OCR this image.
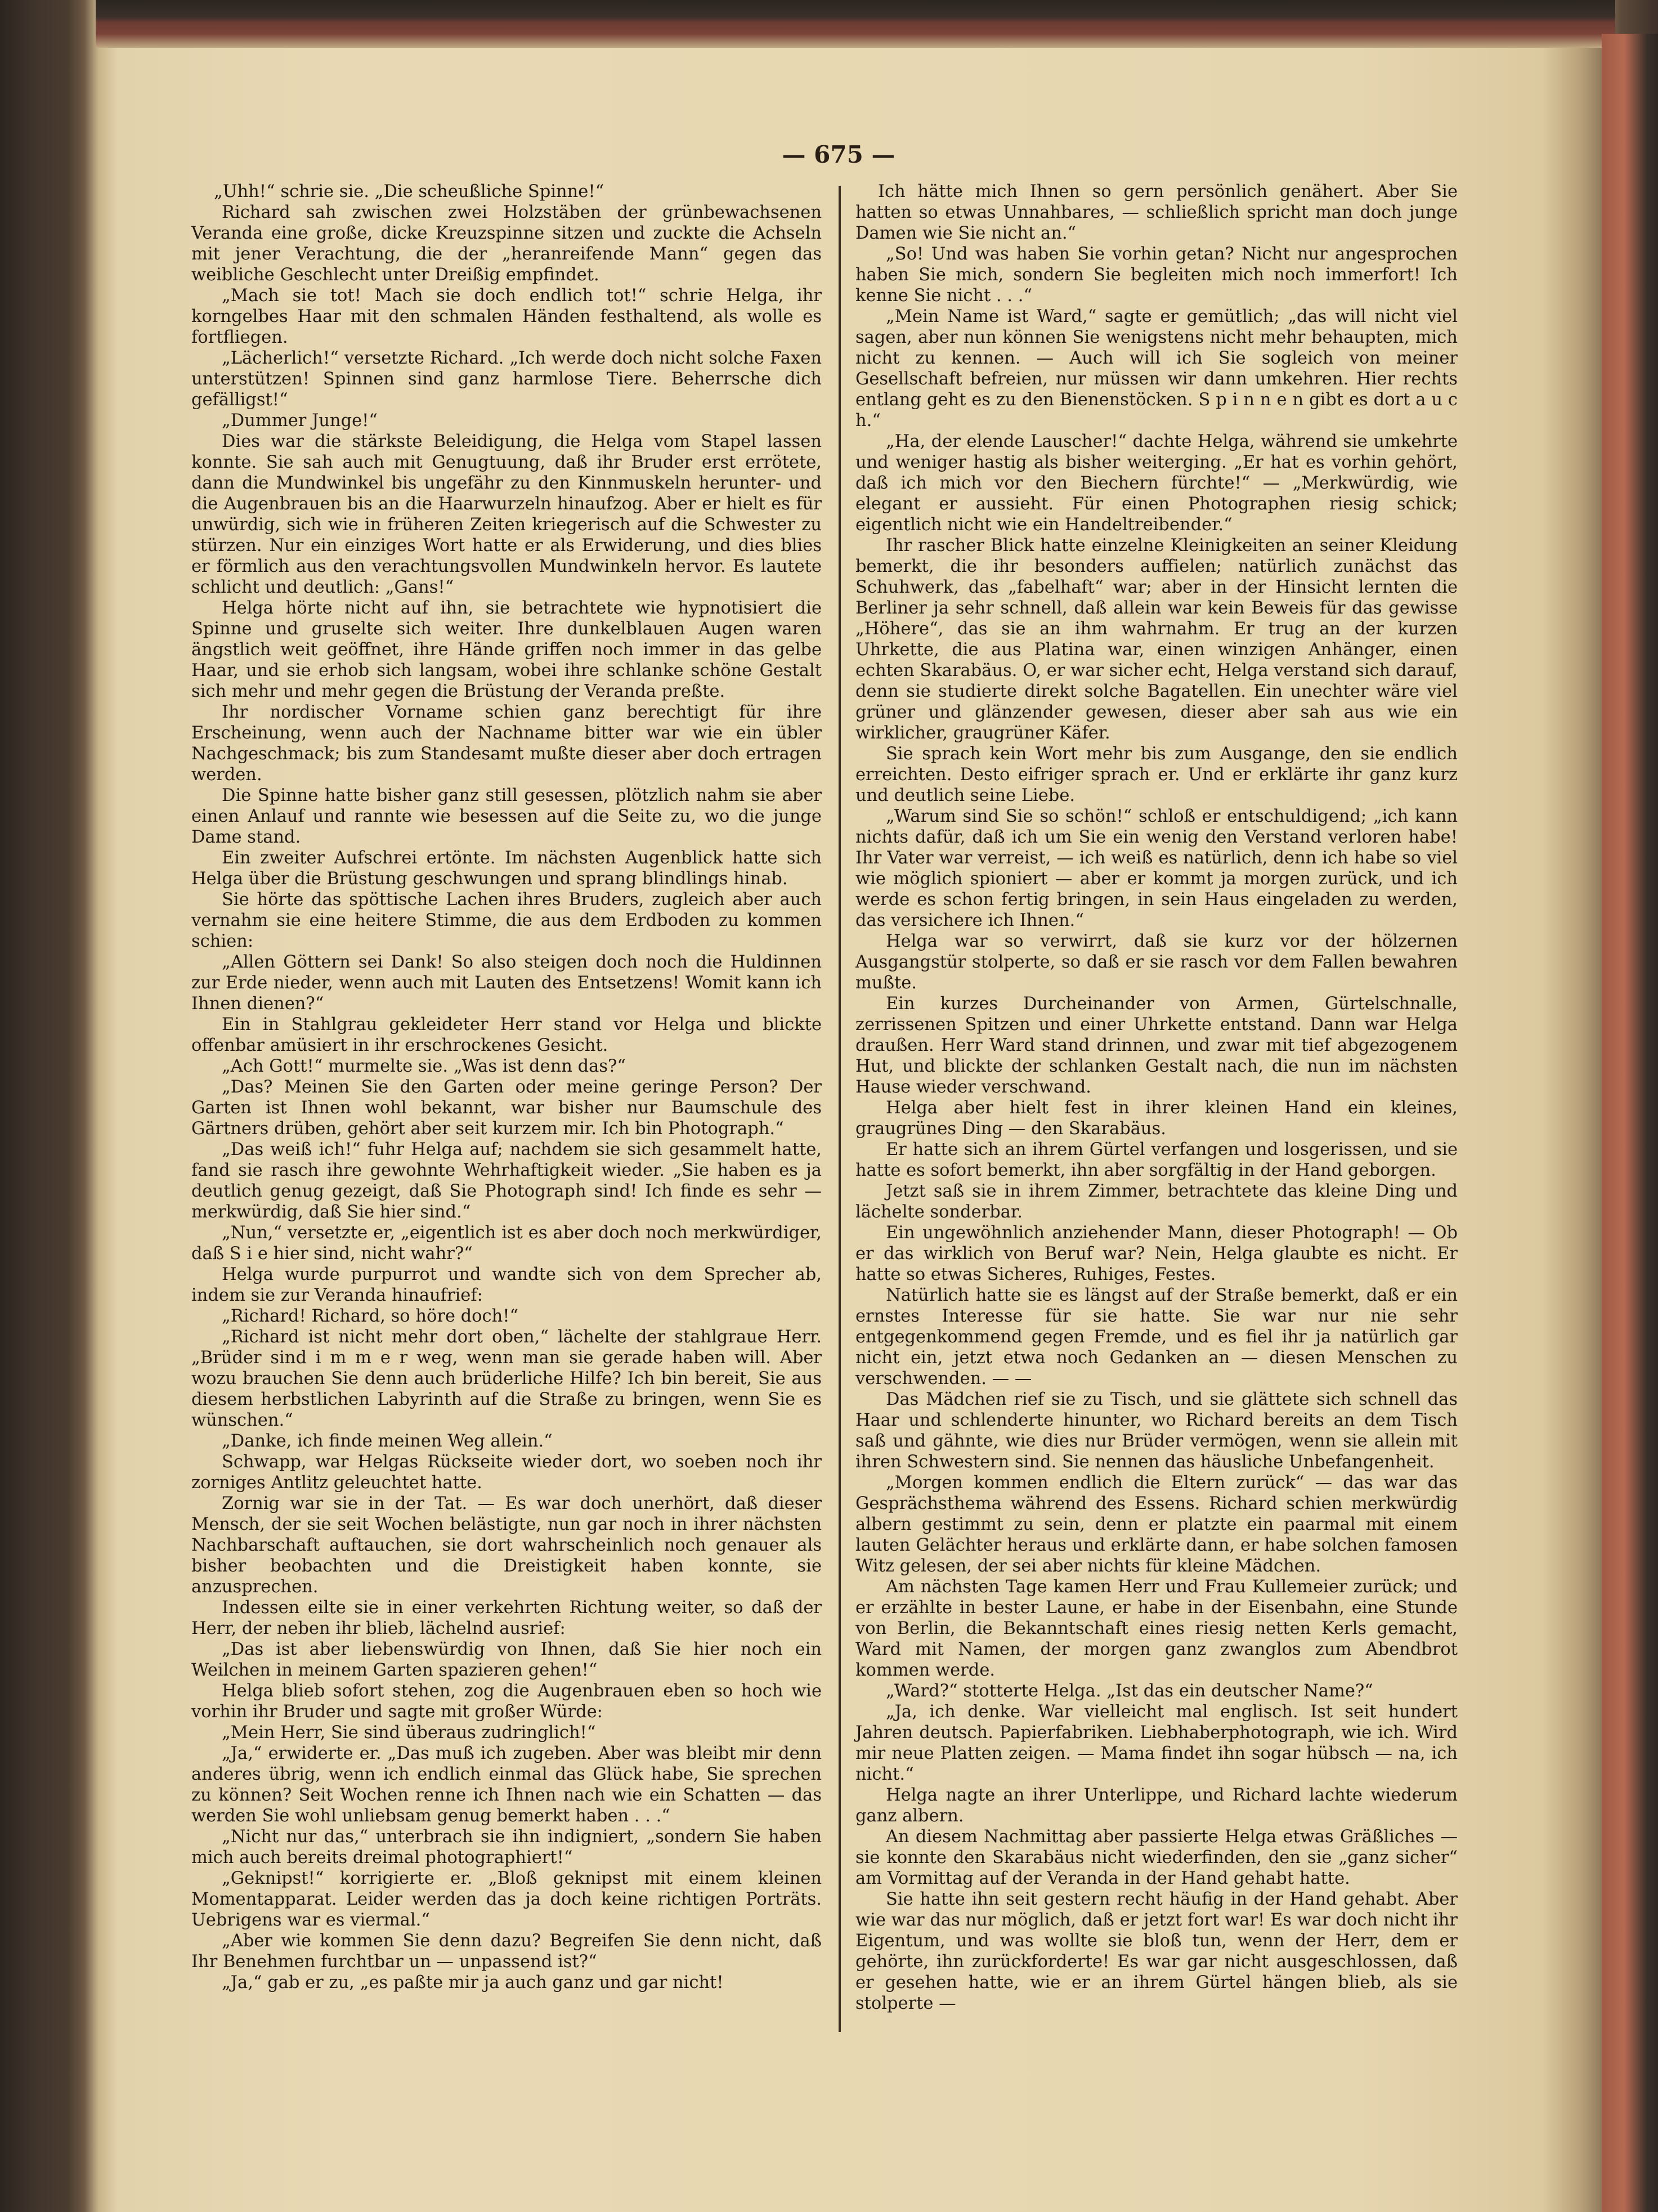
— 675 —

„Uhh!“ schrie sie. „Die scheußliche Spinne!“

Richard sah zwischen zwei Holzstäben der grünbewachsenen Veranda eine große, dicke Kreuzspinne sitzen und zuckte die Achseln mit jener Verachtung, die der „heranreifende Mann“ gegen das weibliche Geschlecht unter Dreißig empfindet.

„Mach sie tot! Mach sie doch endlich tot!“ schrie Helga, ihr korngelbes Haar mit den schmalen Händen festhaltend, als wolle es fortfliegen.

„Lächerlich!“ versetzte Richard. „Ich werde doch nicht solche Faxen unterstützen! Spinnen sind ganz harmlose Tiere. Beherrsche dich gefälligst!“

„Dummer Junge!“

Dies war die stärkste Beleidigung, die Helga vom Stapel lassen konnte. Sie sah auch mit Genugtuung, daß ihr Bruder erst errötete, dann die Mundwinkel bis ungefähr zu den Kinnmuskeln herunter- und die Augenbrauen bis an die Haarwurzeln hinaufzog. Aber er hielt es für unwürdig, sich wie in früheren Zeiten kriegerisch auf die Schwester zu stürzen. Nur ein einziges Wort hatte er als Erwiderung, und dies blies er förmlich aus den verachtungsvollen Mundwinkeln hervor. Es lautete schlicht und deutlich: „Gans!“

Helga hörte nicht auf ihn, sie betrachtete wie hypnotisiert die Spinne und gruselte sich weiter. Ihre dunkelblauen Augen waren ängstlich weit geöffnet, ihre Hände griffen noch immer in das gelbe Haar, und sie erhob sich langsam, wobei ihre schlanke schöne Gestalt sich mehr und mehr gegen die Brüstung der Veranda preßte.

Ihr nordischer Vorname schien ganz berechtigt für ihre Erscheinung, wenn auch der Nachname bitter war wie ein übler Nachgeschmack; bis zum Standesamt mußte dieser aber doch ertragen werden.

Die Spinne hatte bisher ganz still gesessen, plötzlich nahm sie aber einen Anlauf und rannte wie besessen auf die Seite zu, wo die junge Dame stand.

Ein zweiter Aufschrei ertönte. Im nächsten Augenblick hatte sich Helga über die Brüstung geschwungen und sprang blindlings hinab.

Sie hörte das spöttische Lachen ihres Bruders, zugleich aber auch vernahm sie eine heitere Stimme, die aus dem Erdboden zu kommen schien:

„Allen Göttern sei Dank! So also steigen doch noch die Huldinnen zur Erde nieder, wenn auch mit Lauten des Entsetzens! Womit kann ich Ihnen dienen?“

Ein in Stahlgrau gekleideter Herr stand vor Helga und blickte offenbar amüsiert in ihr erschrockenes Gesicht.

„Ach Gott!“ murmelte sie. „Was ist denn das?“

„Das? Meinen Sie den Garten oder meine geringe Person? Der Garten ist Ihnen wohl bekannt, war bisher nur Baumschule des Gärtners drüben, gehört aber seit kurzem mir. Ich bin Photograph.“

„Das weiß ich!“ fuhr Helga auf; nachdem sie sich gesammelt hatte, fand sie rasch ihre gewohnte Wehrhaftigkeit wieder. „Sie haben es ja deutlich genug gezeigt, daß Sie Photograph sind! Ich finde es sehr — merkwürdig, daß Sie hier sind.“

„Nun,“ versetzte er, „eigentlich ist es aber doch noch merkwürdiger, daß S i e hier sind, nicht wahr?“

Helga wurde purpurrot und wandte sich von dem Sprecher ab, indem sie zur Veranda hinaufrief:

„Richard! Richard, so höre doch!“

„Richard ist nicht mehr dort oben,“ lächelte der stahlgraue Herr. „Brüder sind i m m e r weg, wenn man sie gerade haben will. Aber wozu brauchen Sie denn auch brüderliche Hilfe? Ich bin bereit, Sie aus diesem herbstlichen Labyrinth auf die Straße zu bringen, wenn Sie es wünschen.“

„Danke, ich finde meinen Weg allein.“

Schwapp, war Helgas Rückseite wieder dort, wo soeben noch ihr zorniges Antlitz geleuchtet hatte.

Zornig war sie in der Tat. — Es war doch unerhört, daß dieser Mensch, der sie seit Wochen belästigte, nun gar noch in ihrer nächsten Nachbarschaft auftauchen, sie dort wahrscheinlich noch genauer als bisher beobachten und die Dreistigkeit haben konnte, sie anzusprechen.

Indessen eilte sie in einer verkehrten Richtung weiter, so daß der Herr, der neben ihr blieb, lächelnd ausrief:

„Das ist aber liebenswürdig von Ihnen, daß Sie hier noch ein Weilchen in meinem Garten spazieren gehen!“

Helga blieb sofort stehen, zog die Augenbrauen eben so hoch wie vorhin ihr Bruder und sagte mit großer Würde:

„Mein Herr, Sie sind überaus zudringlich!“

„Ja,“ erwiderte er. „Das muß ich zugeben. Aber was bleibt mir denn anderes übrig, wenn ich endlich einmal das Glück habe, Sie sprechen zu können? Seit Wochen renne ich Ihnen nach wie ein Schatten — das werden Sie wohl unliebsam genug bemerkt haben . . .“

„Nicht nur das,“ unterbrach sie ihn indigniert, „sondern Sie haben mich auch bereits dreimal photographiert!“

„Geknipst!“ korrigierte er. „Bloß geknipst mit einem kleinen Momentapparat. Leider werden das ja doch keine richtigen Porträts. Uebrigens war es viermal.“

„Aber wie kommen Sie denn dazu? Begreifen Sie denn nicht, daß Ihr Benehmen furchtbar un — unpassend ist?“

„Ja,“ gab er zu, „es paßte mir ja auch ganz und gar nicht!

Ich hätte mich Ihnen so gern persönlich genähert. Aber Sie hatten so etwas Unnahbares, — schließlich spricht man doch junge Damen wie Sie nicht an.“

„So! Und was haben Sie vorhin getan? Nicht nur angesprochen haben Sie mich, sondern Sie begleiten mich noch immerfort! Ich kenne Sie nicht . . .“

„Mein Name ist Ward,“ sagte er gemütlich; „das will nicht viel sagen, aber nun können Sie wenigstens nicht mehr behaupten, mich nicht zu kennen. — Auch will ich Sie sogleich von meiner Gesellschaft befreien, nur müssen wir dann umkehren. Hier rechts entlang geht es zu den Bienenstöcken. S p i n n e n gibt es dort a u c h.“

„Ha, der elende Lauscher!“ dachte Helga, während sie umkehrte und weniger hastig als bisher weiterging. „Er hat es vorhin gehört, daß ich mich vor den Biechern fürchte!“ — „Merkwürdig, wie elegant er aussieht. Für einen Photographen riesig schick; eigentlich nicht wie ein Handeltreibender.“

Ihr rascher Blick hatte einzelne Kleinigkeiten an seiner Kleidung bemerkt, die ihr besonders auffielen; natürlich zunächst das Schuhwerk, das „fabelhaft“ war; aber in der Hinsicht lernten die Berliner ja sehr schnell, daß allein war kein Beweis für das gewisse „Höhere“, das sie an ihm wahrnahm. Er trug an der kurzen Uhrkette, die aus Platina war, einen winzigen Anhänger, einen echten Skarabäus. O, er war sicher echt, Helga verstand sich darauf, denn sie studierte direkt solche Bagatellen. Ein unechter wäre viel grüner und glänzender gewesen, dieser aber sah aus wie ein wirklicher, graugrüner Käfer.

Sie sprach kein Wort mehr bis zum Ausgange, den sie endlich erreichten. Desto eifriger sprach er. Und er erklärte ihr ganz kurz und deutlich seine Liebe.

„Warum sind Sie so schön!“ schloß er entschuldigend; „ich kann nichts dafür, daß ich um Sie ein wenig den Verstand verloren habe! Ihr Vater war verreist, — ich weiß es natürlich, denn ich habe so viel wie möglich spioniert — aber er kommt ja morgen zurück, und ich werde es schon fertig bringen, in sein Haus eingeladen zu werden, das versichere ich Ihnen.“

Helga war so verwirrt, daß sie kurz vor der hölzernen Ausgangstür stolperte, so daß er sie rasch vor dem Fallen bewahren mußte.

Ein kurzes Durcheinander von Armen, Gürtelschnalle, zerrissenen Spitzen und einer Uhrkette entstand. Dann war Helga draußen. Herr Ward stand drinnen, und zwar mit tief abgezogenem Hut, und blickte der schlanken Gestalt nach, die nun im nächsten Hause wieder verschwand.

Helga aber hielt fest in ihrer kleinen Hand ein kleines, graugrünes Ding — den Skarabäus.

Er hatte sich an ihrem Gürtel verfangen und losgerissen, und sie hatte es sofort bemerkt, ihn aber sorgfältig in der Hand geborgen.

Jetzt saß sie in ihrem Zimmer, betrachtete das kleine Ding und lächelte sonderbar.

Ein ungewöhnlich anziehender Mann, dieser Photograph! — Ob er das wirklich von Beruf war? Nein, Helga glaubte es nicht. Er hatte so etwas Sicheres, Ruhiges, Festes.

Natürlich hatte sie es längst auf der Straße bemerkt, daß er ein ernstes Interesse für sie hatte. Sie war nur nie sehr entgegenkommend gegen Fremde, und es fiel ihr ja natürlich gar nicht ein, jetzt etwa noch Gedanken an — diesen Menschen zu verschwenden. — —

Das Mädchen rief sie zu Tisch, und sie glättete sich schnell das Haar und schlenderte hinunter, wo Richard bereits an dem Tisch saß und gähnte, wie dies nur Brüder vermögen, wenn sie allein mit ihren Schwestern sind. Sie nennen das häusliche Unbefangenheit.

„Morgen kommen endlich die Eltern zurück“ — das war das Gesprächsthema während des Essens. Richard schien merkwürdig albern gestimmt zu sein, denn er platzte ein paarmal mit einem lauten Gelächter heraus und erklärte dann, er habe solchen famosen Witz gelesen, der sei aber nichts für kleine Mädchen.

Am nächsten Tage kamen Herr und Frau Kullemeier zurück; und er erzählte in bester Laune, er habe in der Eisenbahn, eine Stunde von Berlin, die Bekanntschaft eines riesig netten Kerls gemacht, Ward mit Namen, der morgen ganz zwanglos zum Abendbrot kommen werde.

„Ward?“ stotterte Helga. „Ist das ein deutscher Name?“

„Ja, ich denke. War vielleicht mal englisch. Ist seit hundert Jahren deutsch. Papierfabriken. Liebhaberphotograph, wie ich. Wird mir neue Platten zeigen. — Mama findet ihn sogar hübsch — na, ich nicht.“

Helga nagte an ihrer Unterlippe, und Richard lachte wiederum ganz albern.

An diesem Nachmittag aber passierte Helga etwas Gräßliches — sie konnte den Skarabäus nicht wiederfinden, den sie „ganz sicher“ am Vormittag auf der Veranda in der Hand gehabt hatte.

Sie hatte ihn seit gestern recht häufig in der Hand gehabt. Aber wie war das nur möglich, daß er jetzt fort war! Es war doch nicht ihr Eigentum, und was wollte sie bloß tun, wenn der Herr, dem er gehörte, ihn zurückforderte! Es war gar nicht ausgeschlossen, daß er gesehen hatte, wie er an ihrem Gürtel hängen blieb, als sie stolperte —
